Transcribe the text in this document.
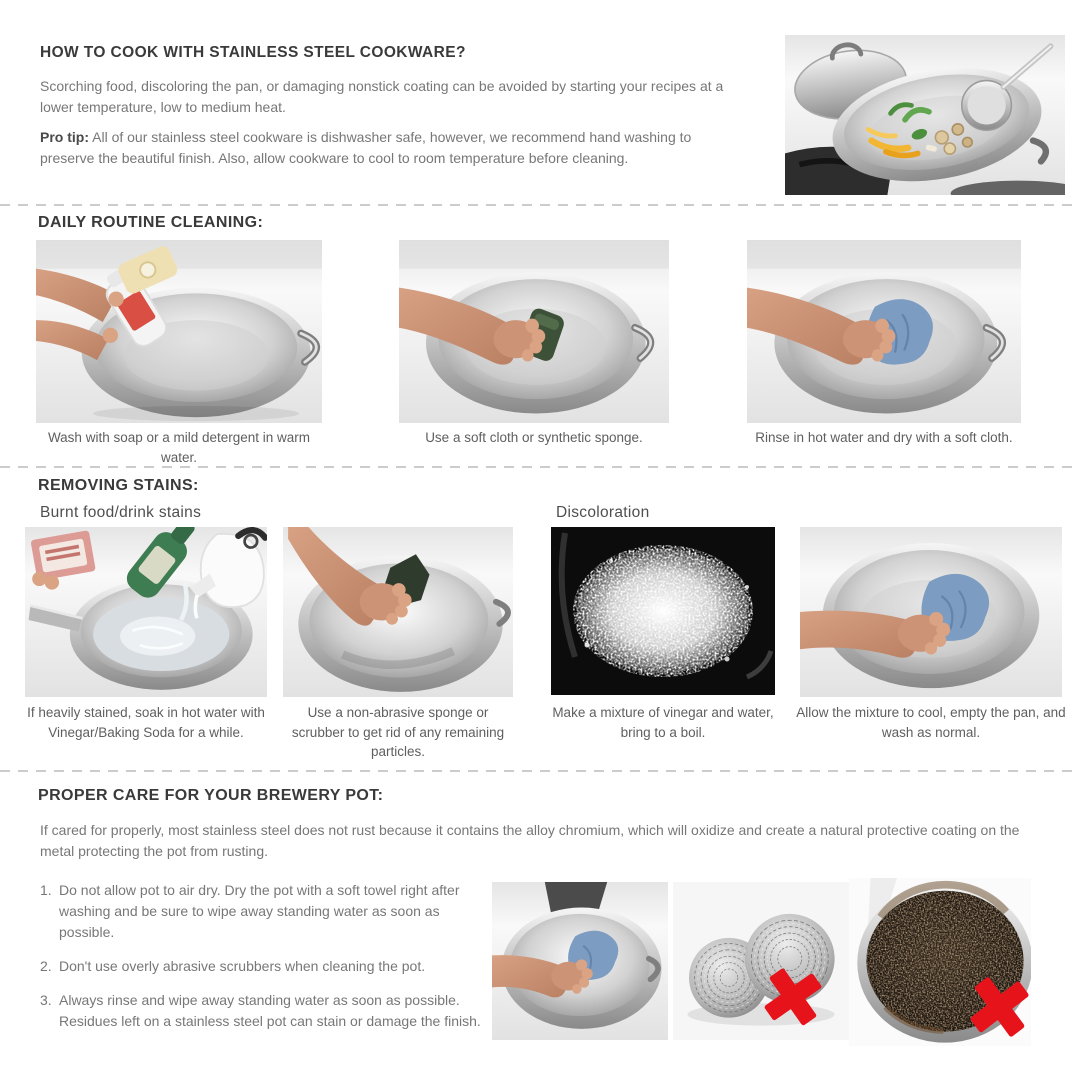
HOW TO COOK WITH STAINLESS STEEL COOKWARE?
Scorching food, discoloring the pan, or damaging nonstick coating can be avoided by starting your recipes at a lower temperature, low to medium heat.
Pro tip: All of our stainless steel cookware is dishwasher safe, however, we recommend hand washing to preserve the beautiful finish. Also, allow cookware to cool to room temperature before cleaning.
DAILY ROUTINE CLEANING:
Wash with soap or a mild detergent in warm water.
Use a soft cloth or synthetic sponge.	Rinse in hot water and dry with a soft cloth.
REMOVING STAINS:
Burnt food/drink stains	Discoloration
If heavily stained, soak in hot water with Vinegar/Baking Soda for a while.
Use a non-abrasive sponge or scrubber to get rid of any remaining particles.
Make a mixture of vinegar and water, bring to a boil.
Allow the mixture to cool, empty the pan, and wash as normal.
PROPER CARE FOR YOUR BREWERY POT:
If cared for properly, most stainless steel does not rust because it contains the alloy chromium, which will oxidize and create a natural protective coating on the metal protecting the pot from rusting.
1. Do not allow pot to air dry. Dry the pot with a soft towel right after washing and be sure to wipe away standing water as soon as possible.
2. Don't use overly abrasive scrubbers when cleaning the pot.
3. Always rinse and wipe away standing water as soon as possible. Residues left on a stainless steel pot can stain or damage the finish.
